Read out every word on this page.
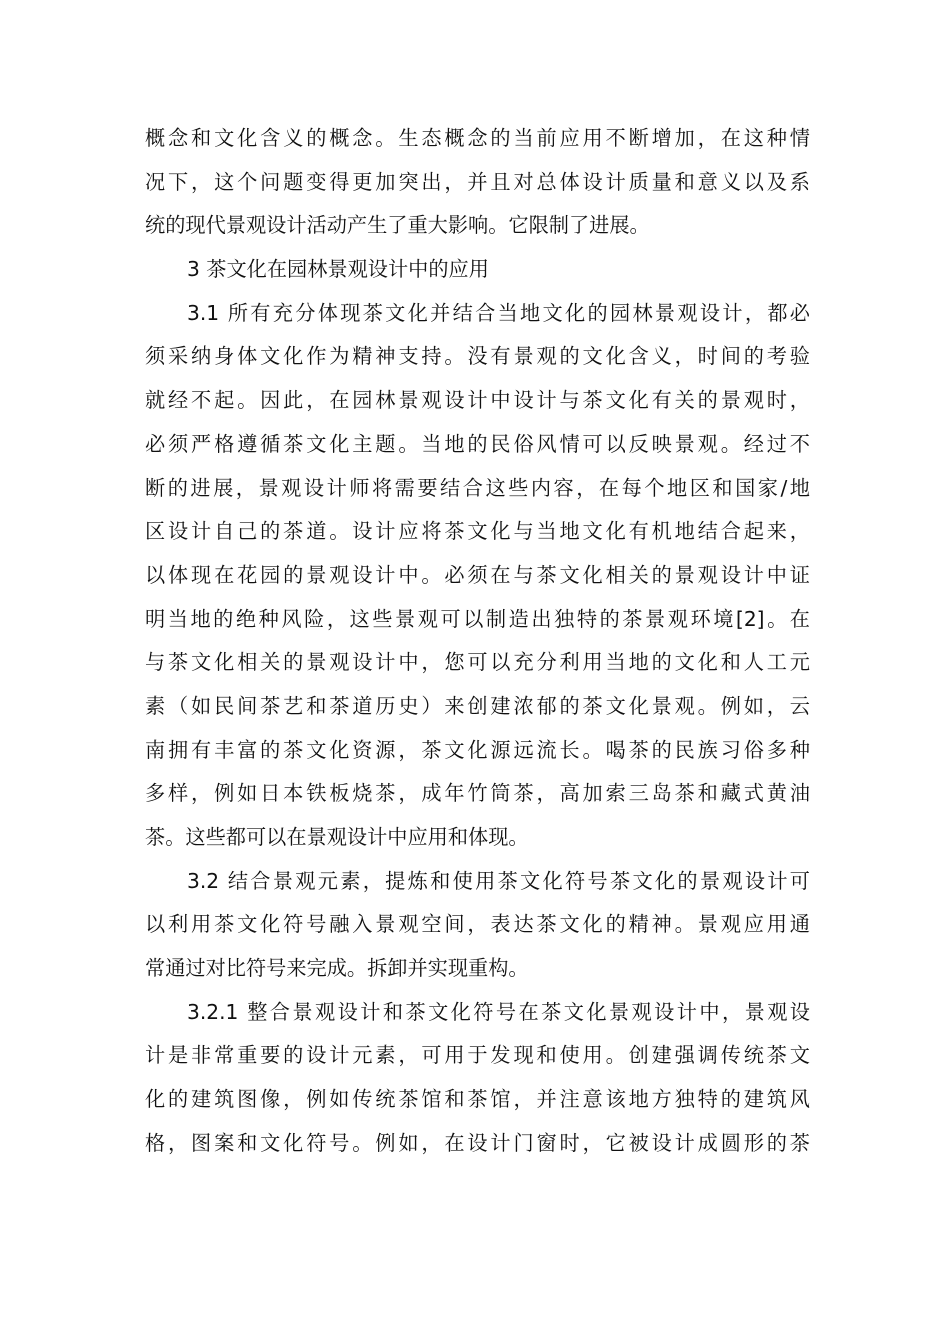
概念和文化含义的概念。生态概念的当前应用不断增加，在这种情
况下，这个问题变得更加突出，并且对总体设计质量和意义以及系
统的现代景观设计活动产生了重大影响。它限制了进展。
3 茶文化在园林景观设计中的应用
3.1 所有充分体现茶文化并结合当地文化的园林景观设计，都必
须采纳身体文化作为精神支持。没有景观的文化含义，时间的考验
就经不起。因此，在园林景观设计中设计与茶文化有关的景观时，
必须严格遵循茶文化主题。当地的民俗风情可以反映景观。经过不
断的进展，景观设计师将需要结合这些内容，在每个地区和国家/地
区设计自己的茶道。设计应将茶文化与当地文化有机地结合起来，
以体现在花园的景观设计中。必须在与茶文化相关的景观设计中证
明当地的绝种风险，这些景观可以制造出独特的茶景观环境[2]。在
与茶文化相关的景观设计中，您可以充分利用当地的文化和人工元
素（如民间茶艺和茶道历史）来创建浓郁的茶文化景观。例如，云
南拥有丰富的茶文化资源，茶文化源远流长。喝茶的民族习俗多种
多样，例如日本铁板烧茶，成年竹筒茶，高加索三岛茶和藏式黄油
茶。这些都可以在景观设计中应用和体现。
3.2 结合景观元素，提炼和使用茶文化符号茶文化的景观设计可
以利用茶文化符号融入景观空间，表达茶文化的精神。景观应用通
常通过对比符号来完成。拆卸并实现重构。
3.2.1 整合景观设计和茶文化符号在茶文化景观设计中，景观设
计是非常重要的设计元素，可用于发现和使用。创建强调传统茶文
化的建筑图像，例如传统茶馆和茶馆，并注意该地方独特的建筑风
格，图案和文化符号。例如，在设计门窗时，它被设计成圆形的茶
